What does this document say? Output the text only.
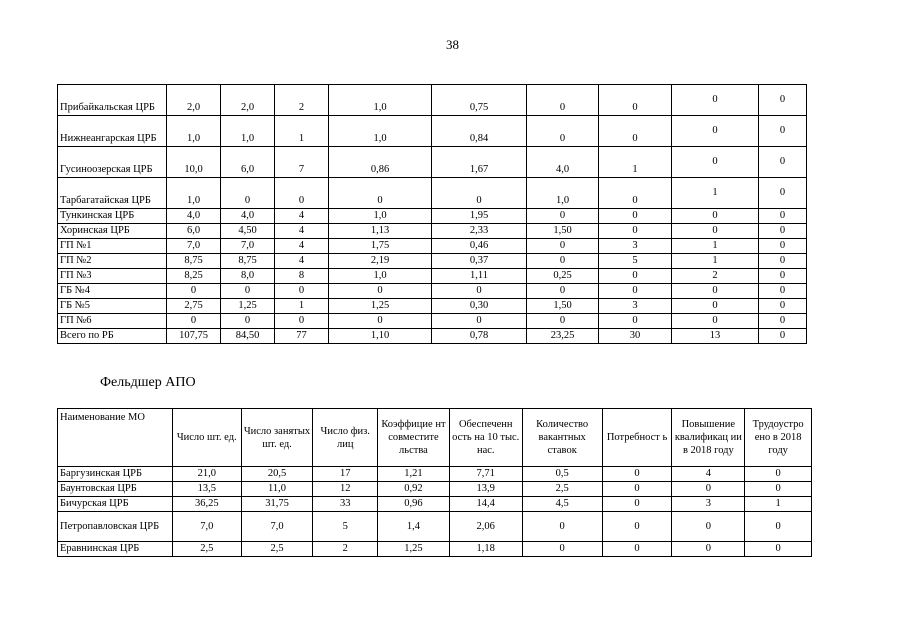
38
Прибайкальская ЦРБ	2,0	2,0	2	1,0	0,75	0	0	0	0
Нижнеангарская ЦРБ	1,0	1,0	1	1,0	0,84	0	0	0	0
Гусиноозерская ЦРБ	10,0	6,0	7	0,86	1,67	4,0	1	0	0
Тарбагатайская ЦРБ	1,0	0	0	0	0	1,0	0	1	0
Тункинская ЦРБ	4,0	4,0	4	1,0	1,95	0	0	0	0
Хоринская ЦРБ	6,0	4,50	4	1,13	2,33	1,50	0	0	0
ГП №1	7,0	7,0	4	1,75	0,46	0	3	1	0
ГП №2	8,75	8,75	4	2,19	0,37	0	5	1	0
ГП №3	8,25	8,0	8	1,0	1,11	0,25	0	2	0
ГБ №4	0	0	0	0	0	0	0	0	0
ГБ №5	2,75	1,25	1	1,25	0,30	1,50	3	0	0
ГП №6	0	0	0	0	0	0	0	0	0
Всего по РБ	107,75	84,50	77	1,10	0,78	23,25	30	13	0
Фельдшер АПО
Наименование МО	Число шт. ед.	Число занятых шт. ед.	Число физ. лиц	Коэффицие нт совместите льства	Обеспеченн ость на 10 тыс. нас.	Количество вакантных ставок	Потребност ь	Повышение квалификац ии в 2018 году	Трудоустро ено в 2018 году
Баргузинская ЦРБ	21,0	20,5	17	1,21	7,71	0,5	0	4	0
Баунтовская ЦРБ	13,5	11,0	12	0,92	13,9	2,5	0	0	0
Бичурская ЦРБ	36,25	31,75	33	0,96	14,4	4,5	0	3	1
Петропавловская ЦРБ	7,0	7,0	5	1,4	2,06	0	0	0	0
Еравнинская ЦРБ	2,5	2,5	2	1,25	1,18	0	0	0	0
